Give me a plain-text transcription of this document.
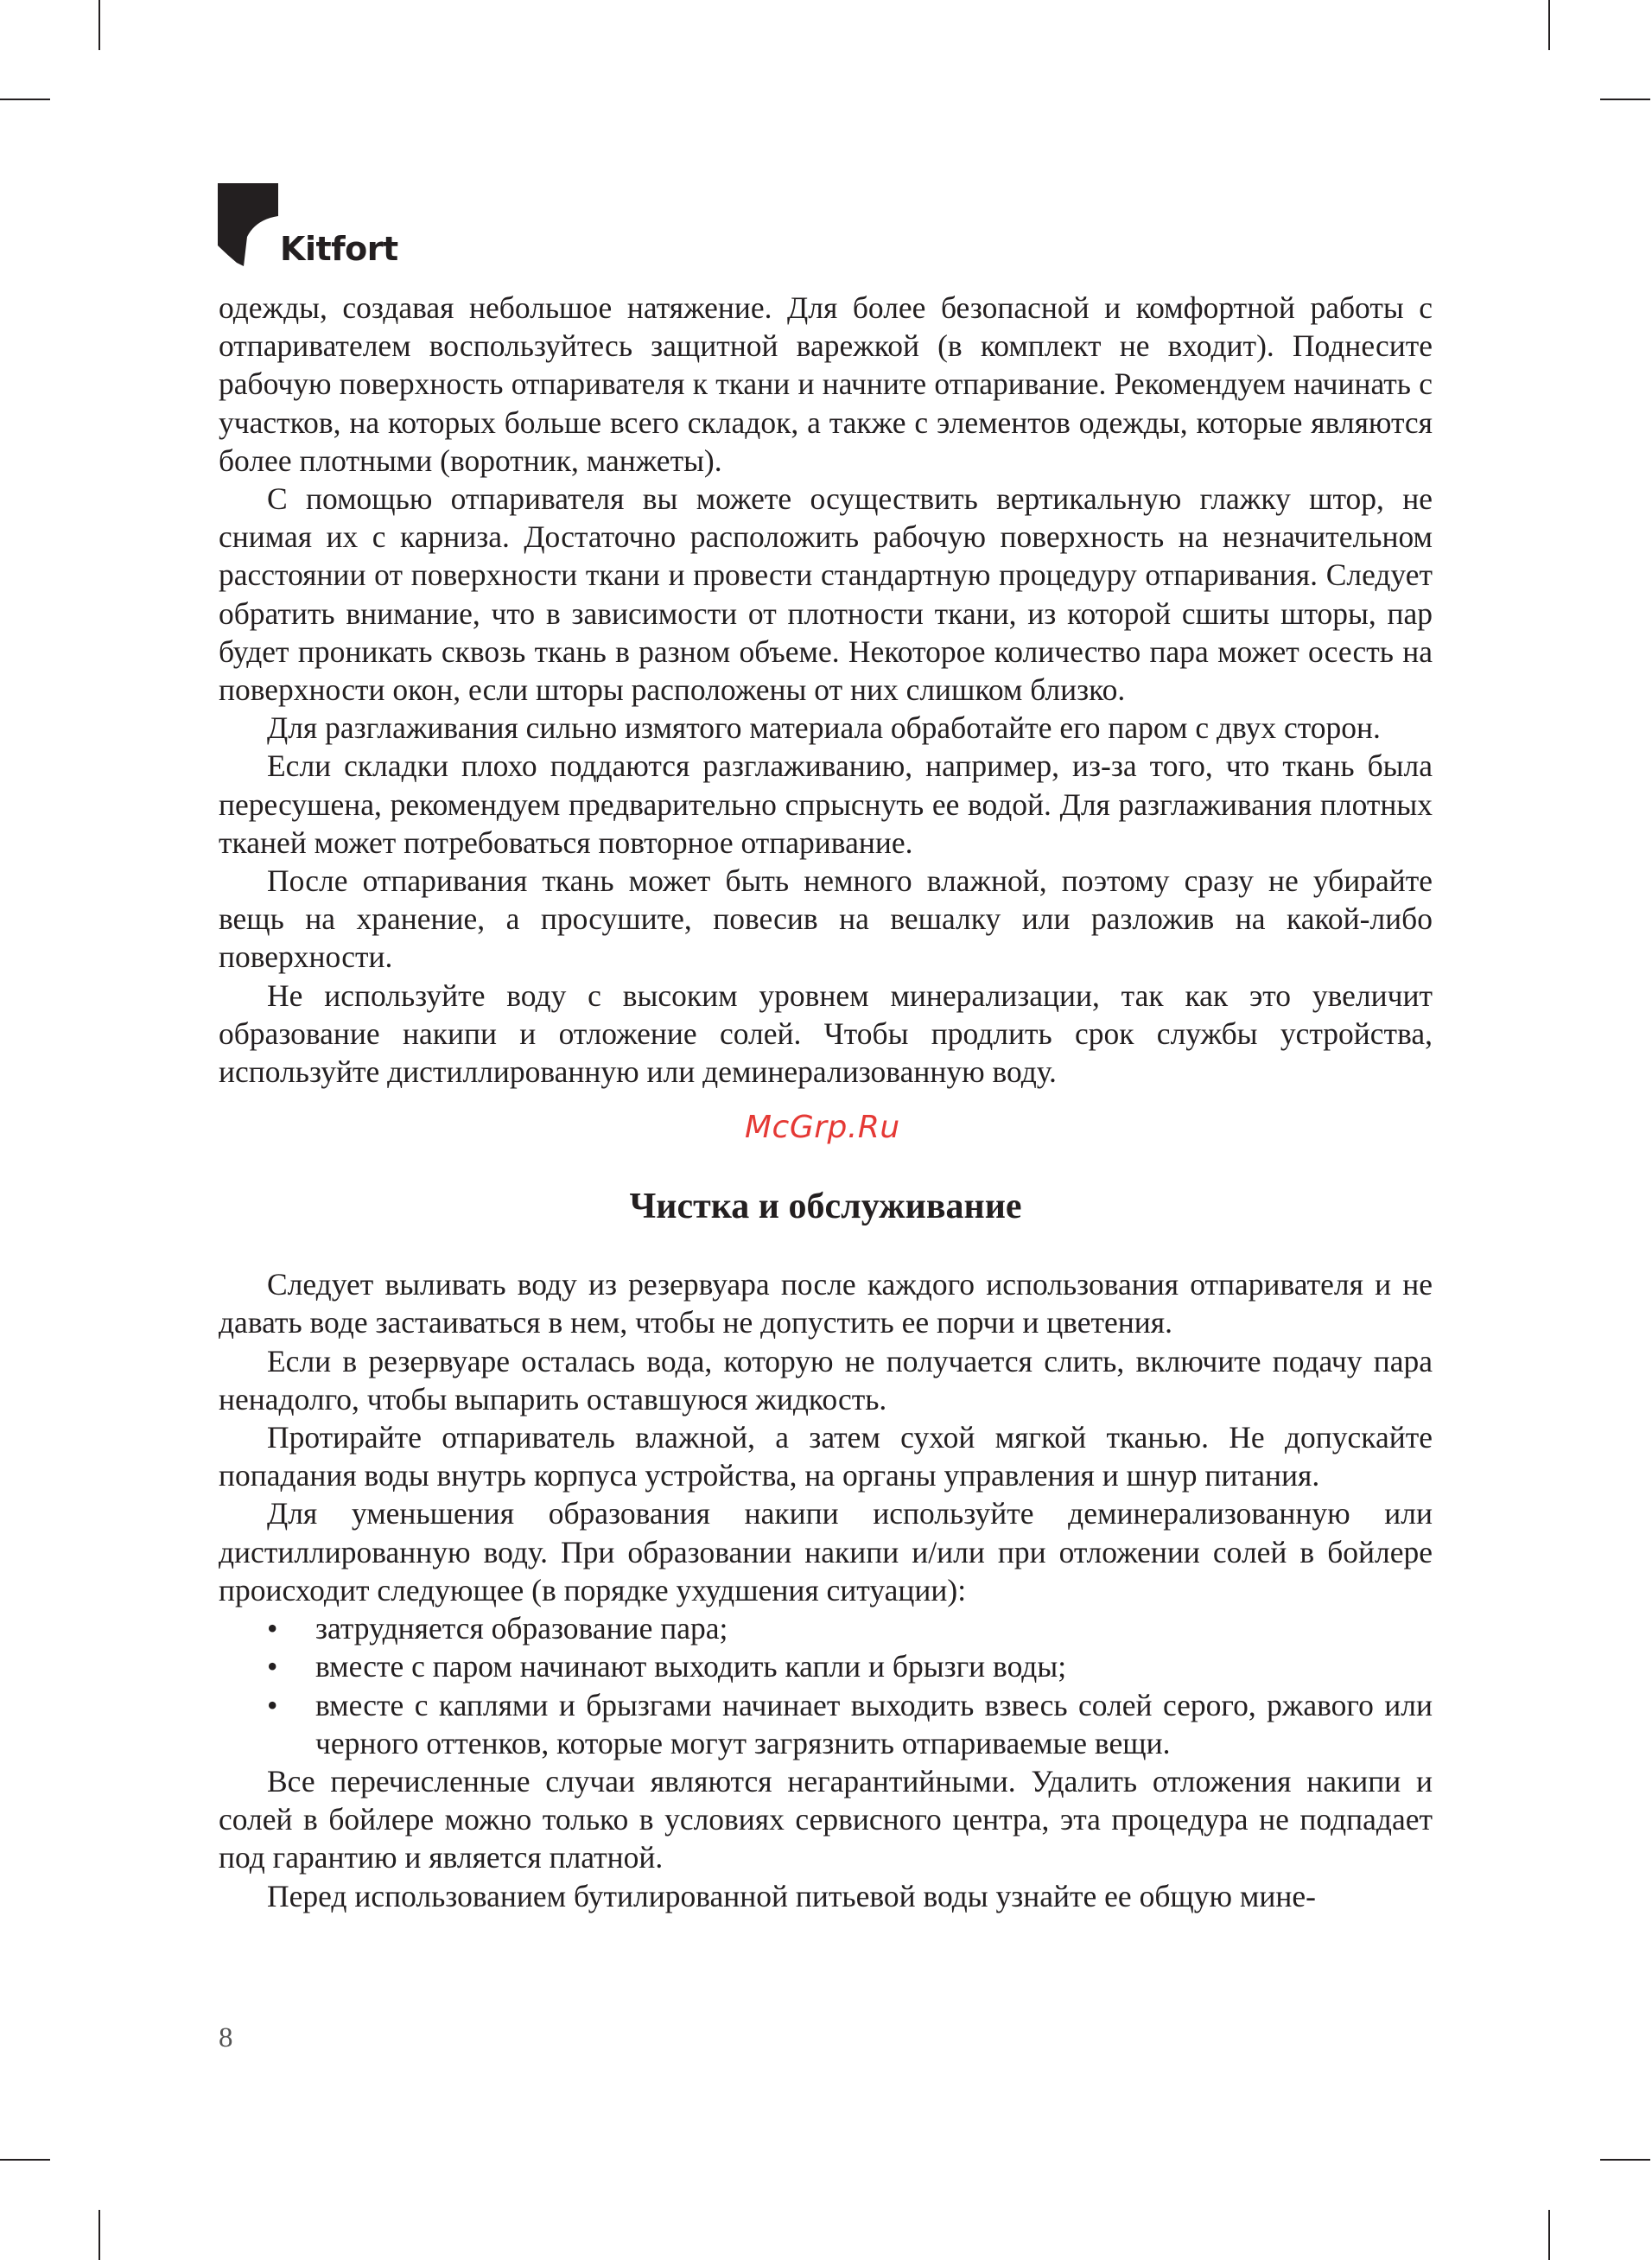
Kitfort

одежды, создавая небольшое натяжение. Для более безопасной и комфортной работы с отпаривателем воспользуйтесь защитной варежкой (в комплект не входит). Поднесите рабочую поверхность отпаривателя к ткани и начните отпаривание. Рекомендуем начинать с участков, на которых больше всего складок, а также с элементов одежды, которые являются более плотными (воротник, манжеты).

С помощью отпаривателя вы можете осуществить вертикальную глажку штор, не снимая их с карниза. Достаточно расположить рабочую поверхность на незначительном расстоянии от поверхности ткани и провести стандартную процедуру отпаривания. Следует обратить внимание, что в зависимости от плотности ткани, из которой сшиты шторы, пар будет проникать сквозь ткань в разном объеме. Некоторое количество пара может осесть на поверхности окон, если шторы расположены от них слишком близко.

Для разглаживания сильно измятого материала обработайте его паром с двух сторон.

Если складки плохо поддаются разглаживанию, например, из-за того, что ткань была пересушена, рекомендуем предварительно спрыснуть ее водой. Для разглаживания плотных тканей может потребоваться повторное отпаривание.

После отпаривания ткань может быть немного влажной, поэтому сразу не убирайте вещь на хранение, а просушите, повесив на вешалку или разложив на какой-либо поверхности.

Не используйте воду с высоким уровнем минерализации, так как это увеличит образование накипи и отложение солей. Чтобы продлить срок службы устройства, используйте дистиллированную или деминерализованную воду.

Чистка и обслуживание

Следует выливать воду из резервуара после каждого использования отпаривателя и не давать воде застаиваться в нем, чтобы не допустить ее порчи и цветения.

Если в резервуаре осталась вода, которую не получается слить, включите подачу пара ненадолго, чтобы выпарить оставшуюся жидкость.

Протирайте отпариватель влажной, а затем сухой мягкой тканью. Не допускайте попадания воды внутрь корпуса устройства, на органы управления и шнур питания.

Для уменьшения образования накипи используйте деминерализованную или дистиллированную воду. При образовании накипи и/или при отложении солей в бойлере происходит следующее (в порядке ухудшения ситуации):

• затрудняется образование пара;
• вместе с паром начинают выходить капли и брызги воды;
• вместе с каплями и брызгами начинает выходить взвесь солей серого, ржавого или черного оттенков, которые могут загрязнить отпариваемые вещи.

Все перечисленные случаи являются негарантийными. Удалить отложения накипи и солей в бойлере можно только в условиях сервисного центра, эта процедура не подпадает под гарантию и является платной.

Перед использованием бутилированной питьевой воды узнайте ее общую мине-

McGrp.Ru
8
